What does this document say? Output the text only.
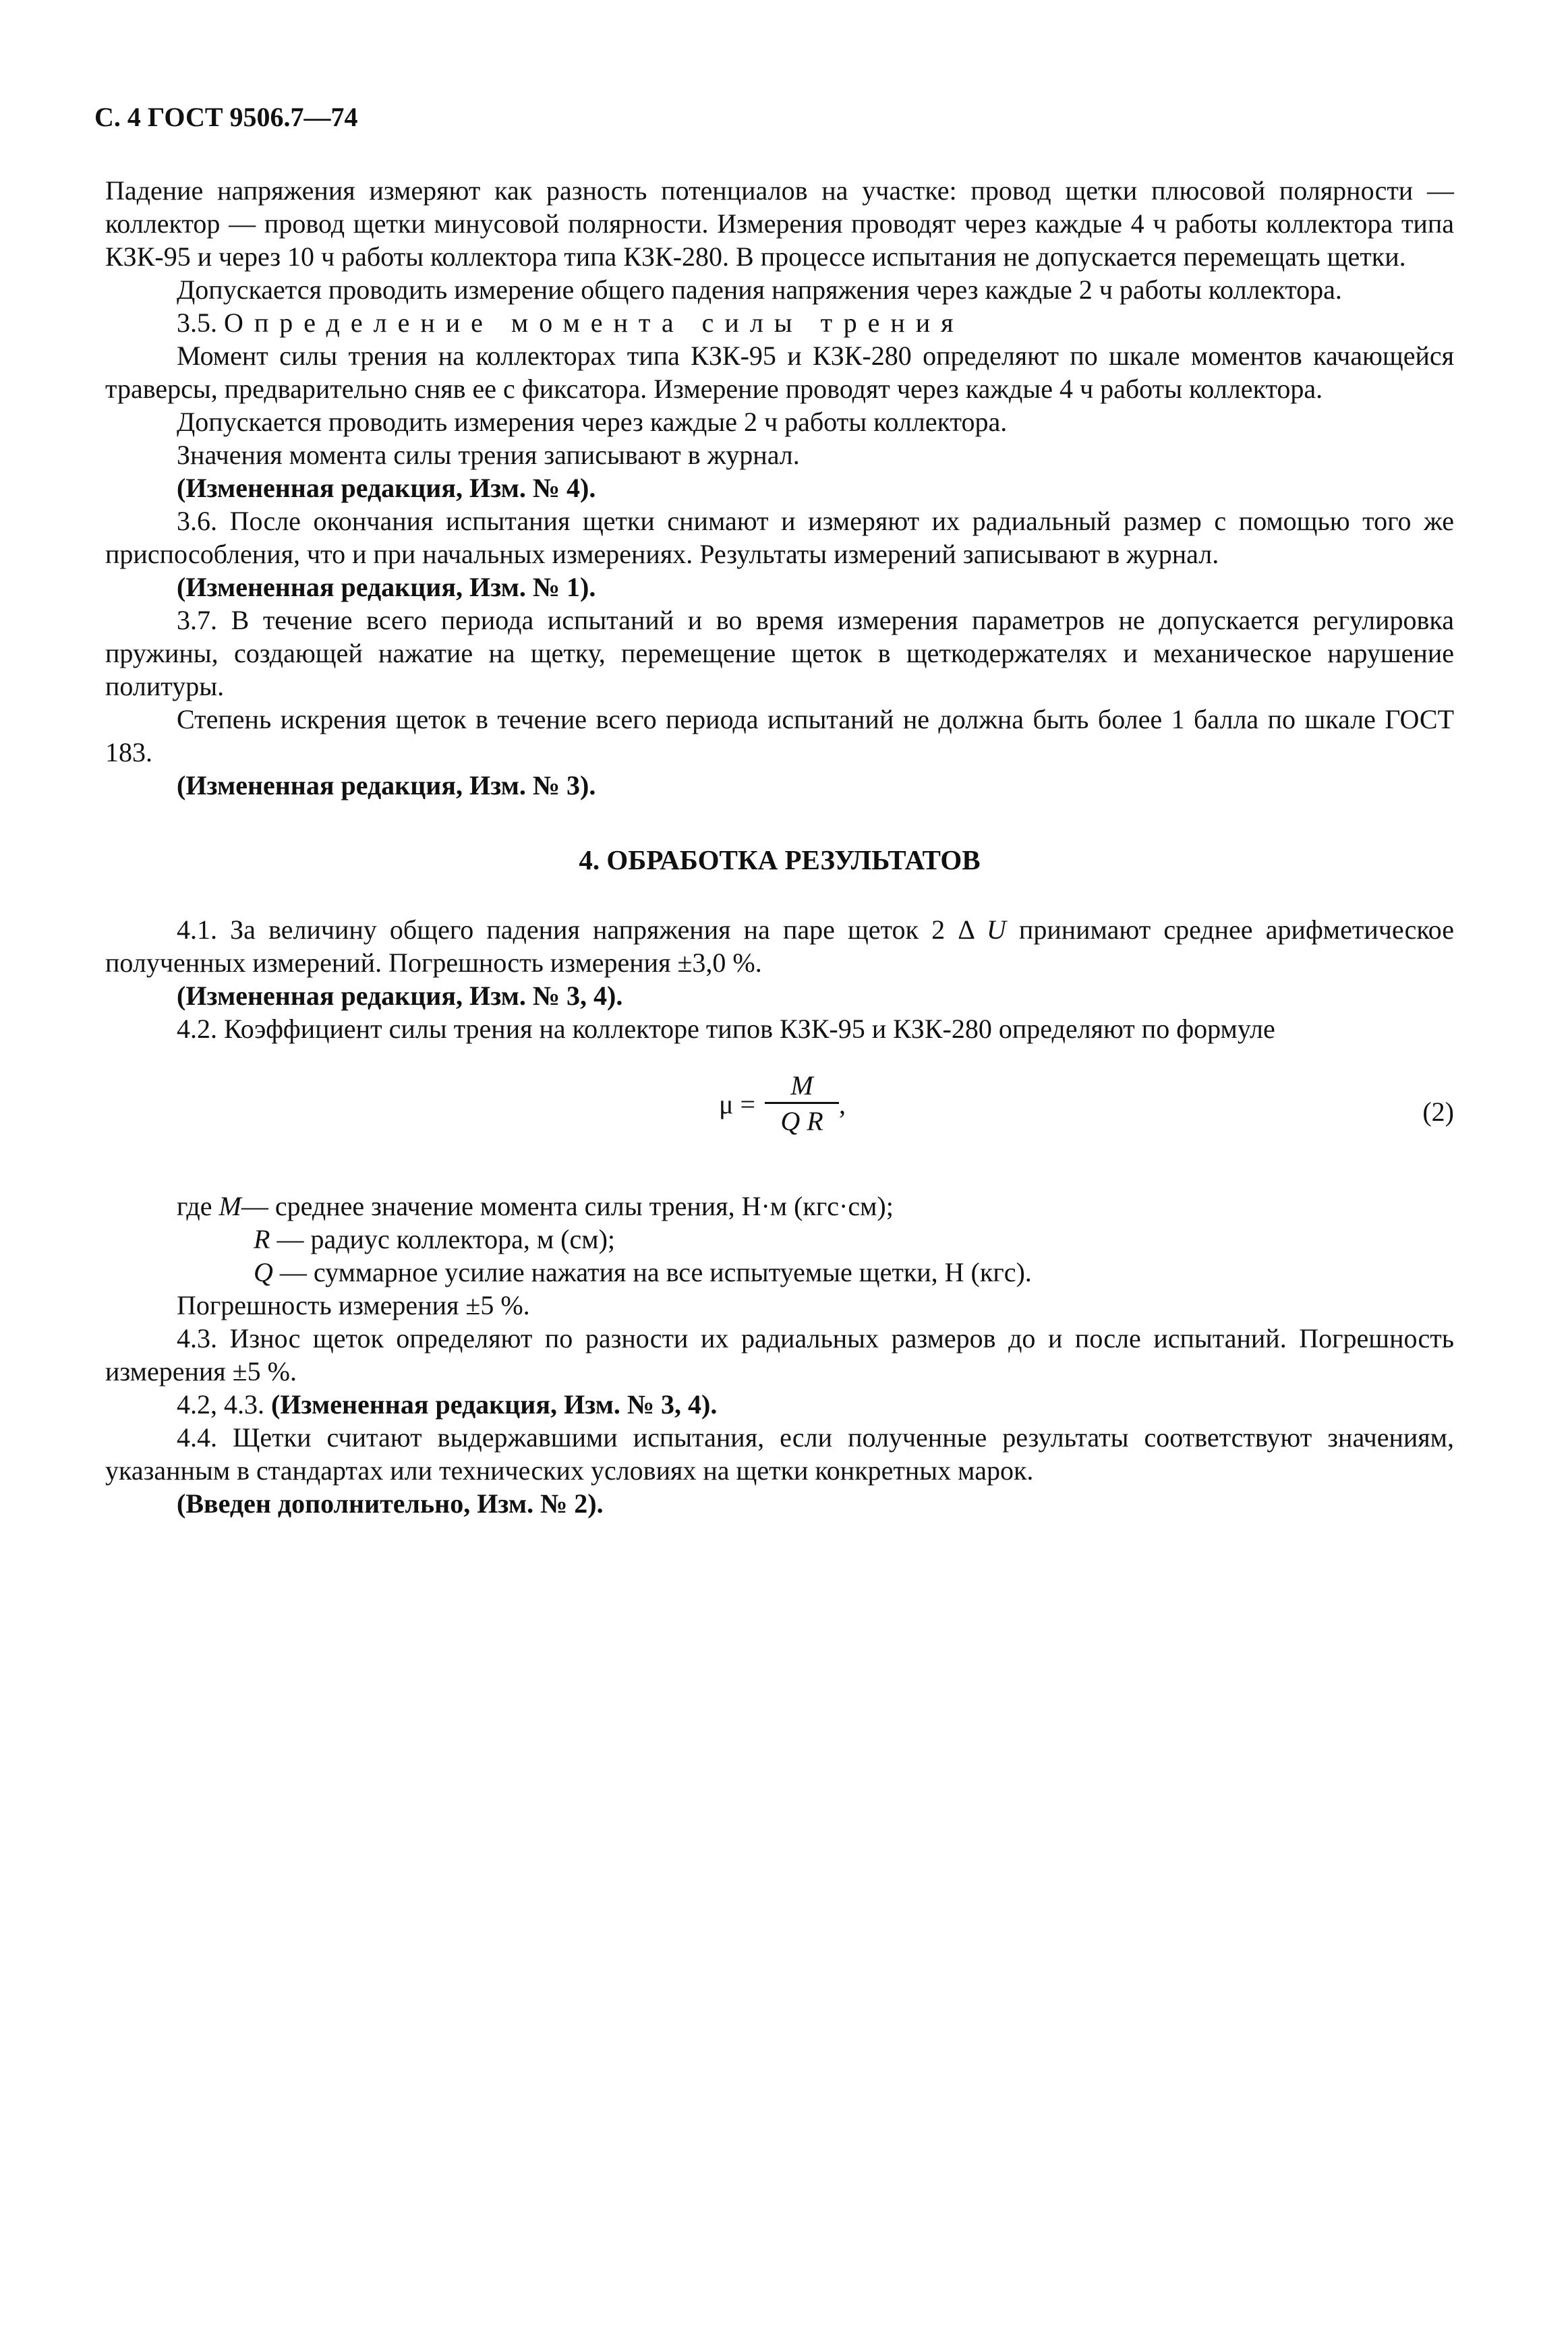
С. 4 ГОСТ 9506.7—74

Падение напряжения измеряют как разность потенциалов на участке: провод щетки плюсовой полярности — коллектор — провод щетки минусовой полярности. Измерения проводят через каждые 4 ч работы коллектора типа КЗК-95 и через 10 ч работы коллектора типа КЗК-280. В процессе испытания не допускается перемещать щетки.

Допускается проводить измерение общего падения напряжения через каждые 2 ч работы коллектора.

3.5. Определение момента силы трения

Момент силы трения на коллекторах типа КЗК-95 и КЗК-280 определяют по шкале моментов качающейся траверсы, предварительно сняв ее с фиксатора. Измерение проводят через каждые 4 ч работы коллектора.

Допускается проводить измерения через каждые 2 ч работы коллектора.

Значения момента силы трения записывают в журнал.

(Измененная редакция, Изм. № 4).

3.6. После окончания испытания щетки снимают и измеряют их радиальный размер с помощью того же приспособления, что и при начальных измерениях. Результаты измерений записывают в журнал.

(Измененная редакция, Изм. № 1).

3.7. В течение всего периода испытаний и во время измерения параметров не допускается регулировка пружины, создающей нажатие на щетку, перемещение щеток в щеткодержателях и механическое нарушение политуры.

Степень искрения щеток в течение всего периода испытаний не должна быть более 1 балла по шкале ГОСТ 183.

(Измененная редакция, Изм. № 3).

4. ОБРАБОТКА РЕЗУЛЬТАТОВ

4.1. За величину общего падения напряжения на паре щеток 2 Δ U принимают среднее арифметическое полученных измерений. Погрешность измерения ±3,0 %.

(Измененная редакция, Изм. № 3, 4).

4.2. Коэффициент силы трения на коллекторе типов КЗК-95 и КЗК-280 определяют по формуле

$\mu = \frac{M}{\text{Q R}}$ ,	(2)

где M— среднее значение момента силы трения, Н·м (кгс·см);

R — радиус коллектора, м (см);

Q — суммарное усилие нажатия на все испытуемые щетки, Н (кгс).

Погрешность измерения ±5 %.

4.3. Износ щеток определяют по разности их радиальных размеров до и после испытаний. Погрешность измерения ±5 %.

4.2, 4.3. (Измененная редакция, Изм. № 3, 4).

4.4. Щетки считают выдержавшими испытания, если полученные результаты соответствуют значениям, указанным в стандартах или технических условиях на щетки конкретных марок.

(Введен дополнительно, Изм. № 2).
